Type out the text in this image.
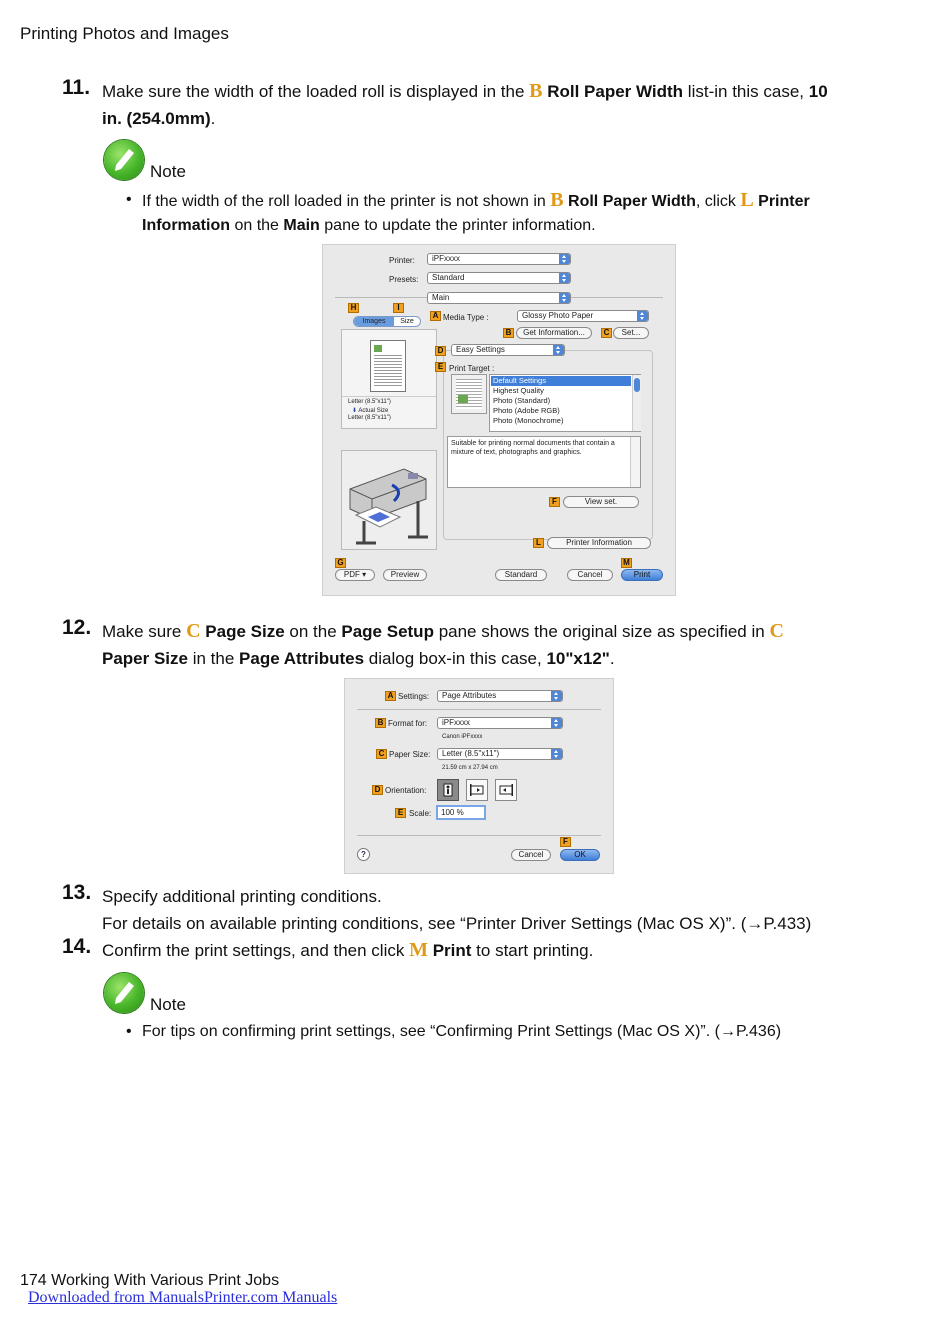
Printing Photos and Images
11. Make sure the width of the loaded roll is displayed in the B Roll Paper Width list-in this case, 10
in. (254.0mm).
Note
• If the width of the roll loaded in the printer is not shown in B Roll Paper Width, click L Printer
Information on the Main pane to update the printer information.
Printer:	iPFxxxx
Presets:	Standard
Main
H	I
Images	Size
Letter (8.5"x11")
⬇ Actual Size
Letter (8.5"x11")
A Media Type :	Glossy Photo Paper
B	Get Information...	C	Set...
D	Easy Settings
E Print Target :
Default Settings
Highest Quality
Photo (Standard)
Photo (Adobe RGB)
Photo (Monochrome)
Suitable for printing normal documents that contain a mixture of text, photographs and graphics.
F	View set.
L	Printer Information
G
PDF ▾	Preview	Standard	Cancel
M
Print
12. Make sure C Page Size on the Page Setup pane shows the original size as specified in C
Paper Size in the Page Attributes dialog box-in this case, 10"x12".
A Settings:	Page Attributes
B Format for:	iPFxxxx
Canon iPFxxxx
C Paper Size:	Letter (8.5"x11")
21.59 cm x 27.94 cm
D Orientation:
E Scale:	100 %
?	Cancel
F
OK
13. Specify additional printing conditions.
For details on available printing conditions, see “Printer Driver Settings (Mac OS X)”. (→P.433)
14. Confirm the print settings, and then click M Print to start printing.
Note
• For tips on confirming print settings, see “Confirming Print Settings (Mac OS X)”. (→P.436)
174 Working With Various Print Jobs
Downloaded from ManualsPrinter.com Manuals
